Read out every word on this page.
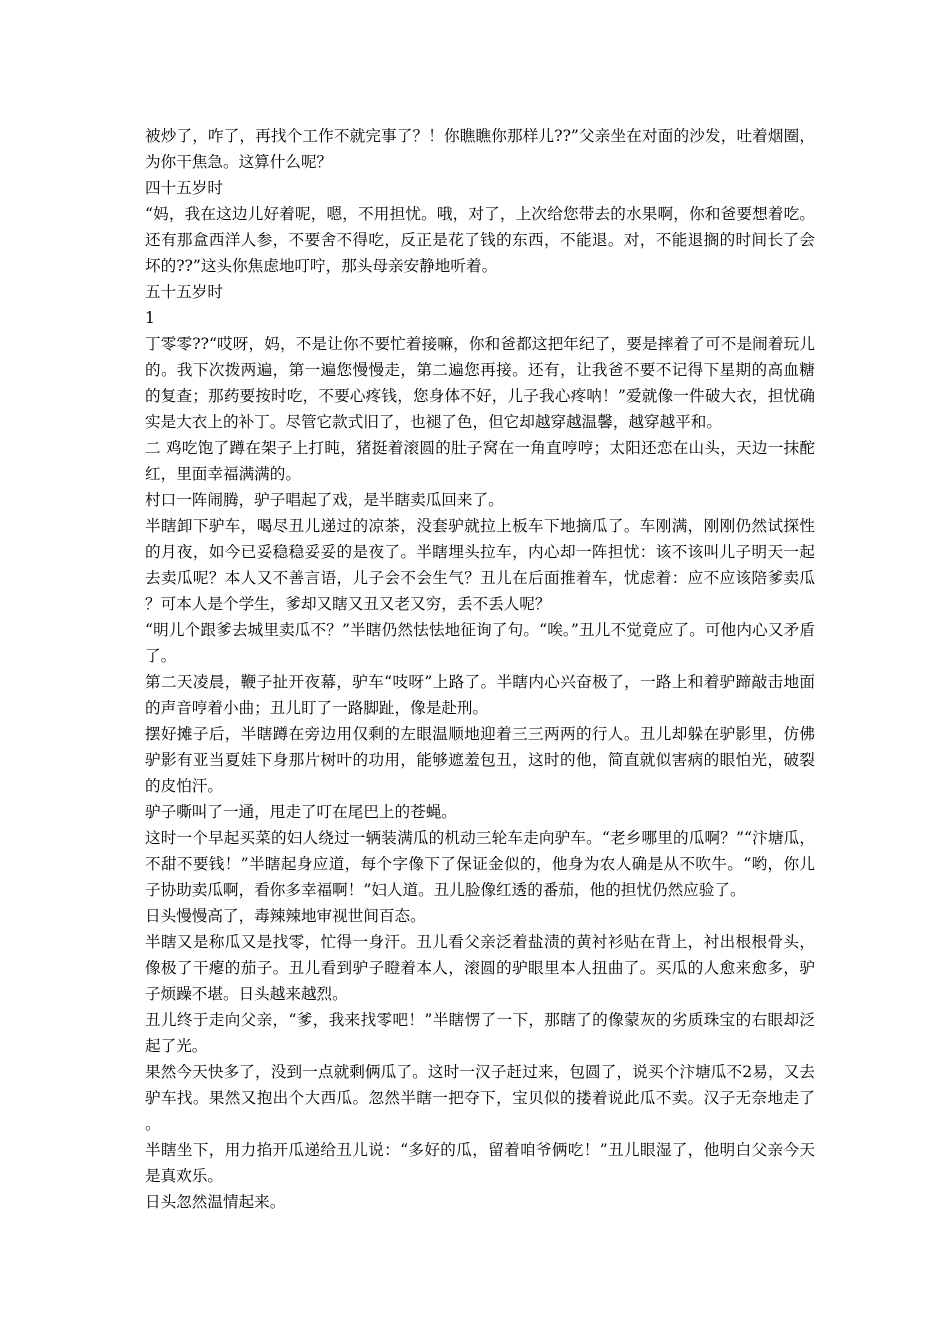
被炒了，咋了，再找个工作不就完事了？！你瞧瞧你那样儿??”父亲坐在对面的沙发，吐着烟圈，为你干焦急。这算什么呢？

四十五岁时

“妈，我在这边儿好着呢，嗯，不用担忧。哦，对了，上次给您带去的水果啊，你和爸要想着吃。还有那盒西洋人参，不要舍不得吃，反正是花了钱的东西，不能退。对，不能退搁的时间长了会坏的??”这头你焦虑地叮咛，那头母亲安静地听着。

五十五岁时

1

丁零零??“哎呀，妈，不是让你不要忙着接嘛，你和爸都这把年纪了，要是摔着了可不是闹着玩儿的。我下次拨两遍，第一遍您慢慢走，第二遍您再接。还有，让我爸不要不记得下星期的高血糖的复查；那药要按时吃，不要心疼钱，您身体不好，儿子我心疼呐！”爱就像一件破大衣，担忧确实是大衣上的补丁。尽管它款式旧了，也褪了色，但它却越穿越温馨，越穿越平和。

二 鸡吃饱了蹲在架子上打盹，猪挺着滚圆的肚子窝在一角直哼哼；太阳还恋在山头，天边一抹酡红，里面幸福满满的。

村口一阵闹腾，驴子唱起了戏，是半瞎卖瓜回来了。

半瞎卸下驴车，喝尽丑儿递过的凉茶，没套驴就拉上板车下地摘瓜了。车刚满，刚刚仍然试探性的月夜，如今已妥稳稳妥妥的是夜了。半瞎埋头拉车，内心却一阵担忧：该不该叫儿子明天一起去卖瓜呢？本人又不善言语，儿子会不会生气？丑儿在后面推着车，忧虑着：应不应该陪爹卖瓜？可本人是个学生，爹却又瞎又丑又老又穷，丢不丢人呢？

“明儿个跟爹去城里卖瓜不？”半瞎仍然怯怯地征询了句。“唉。”丑儿不觉竟应了。可他内心又矛盾了。

第二天凌晨，鞭子扯开夜幕，驴车“吱呀”上路了。半瞎内心兴奋极了，一路上和着驴蹄敲击地面的声音哼着小曲；丑儿盯了一路脚趾，像是赴刑。

摆好摊子后，半瞎蹲在旁边用仅剩的左眼温顺地迎着三三两两的行人。丑儿却躲在驴影里，仿佛驴影有亚当夏娃下身那片树叶的功用，能够遮羞包丑，这时的他，简直就似害病的眼怕光，破裂的皮怕汗。

驴子嘶叫了一通，甩走了叮在尾巴上的苍蝇。

这时一个早起买菜的妇人绕过一辆装满瓜的机动三轮车走向驴车。“老乡哪里的瓜啊？”“汴塘瓜，不甜不要钱！”半瞎起身应道，每个字像下了保证金似的，他身为农人确是从不吹牛。“哟，你儿子协助卖瓜啊，看你多幸福啊！”妇人道。丑儿脸像红透的番茄，他的担忧仍然应验了。

日头慢慢高了，毒辣辣地审视世间百态。

半瞎又是称瓜又是找零，忙得一身汗。丑儿看父亲泛着盐渍的黄衬衫贴在背上，衬出根根骨头，像极了干瘪的茄子。丑儿看到驴子瞪着本人，滚圆的驴眼里本人扭曲了。买瓜的人愈来愈多，驴子烦躁不堪。日头越来越烈。

丑儿终于走向父亲，“爹，我来找零吧！”半瞎愣了一下，那瞎了的像蒙灰的劣质珠宝的右眼却泛起了光。

果然今天快多了，没到一点就剩俩瓜了。这时一汉子赶过来，包圆了，说买个汴塘瓜不2易，又去驴车找。果然又抱出个大西瓜。忽然半瞎一把夺下，宝贝似的搂着说此瓜不卖。汉子无奈地走了。

半瞎坐下，用力掐开瓜递给丑儿说：“多好的瓜，留着咱爷俩吃！”丑儿眼湿了，他明白父亲今天是真欢乐。

日头忽然温情起来。
